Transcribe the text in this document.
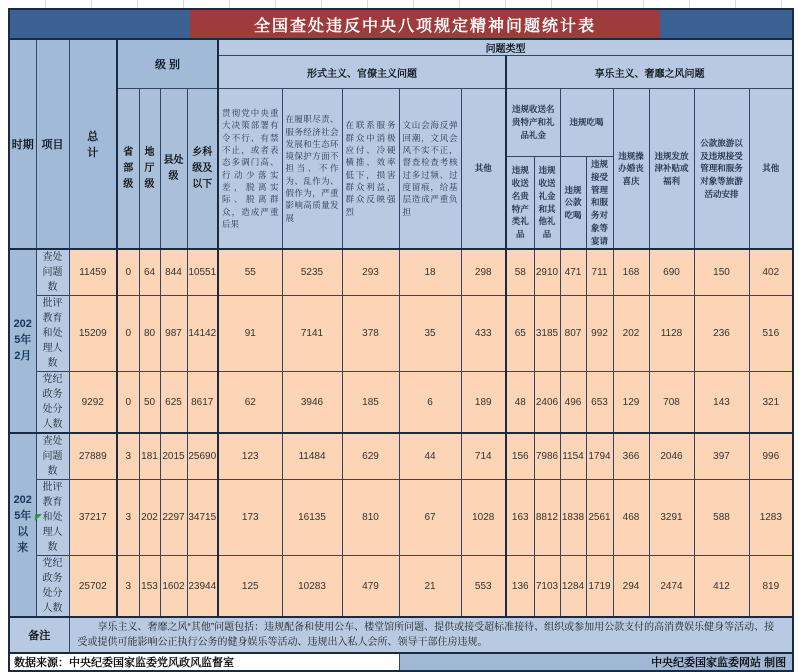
全国查处违反中央八项规定精神问题统计表																			

时期	项目	总计	级 别				问题类型												
							形式主义、官僚主义问题					享乐主义、奢靡之风问题							
			省部级	地厅级	县处级	乡科级及以下	贯彻党中央重大决策部署有令不行、有禁不止，或者表态多调门高、行动少落实差，脱离实际、脱离群众，造成严重后果	在履职尽责、服务经济社会发展和生态环境保护方面不担当、不作为、乱作为、假作为，严重影响高质量发展	在联系服务群众中消极应付、冷硬横推、效率低下，损害群众利益，群众反映强烈	文山会海反弹回潮，文风会风不实不正，督查检查考核过多过频、过度留痕，给基层造成严重负担	其他	违规收送名贵特产和礼品礼金		违规吃喝		违规操办婚丧喜庆	违规发放津补贴或福利	公款旅游以及违规接受管理和服务对象等旅游活动安排	其他
												违规收送名贵特产类礼品	违规收送礼金和其他礼品	违规公款吃喝	违规接受管理和服务对象等宴请				
2025年2月	查处问题数	11459	0	64	844	10551	55	5235	293	18	298	58	2910	471	711	168	690	150	402
	批评教育和处理人数	15209	0	80	987	14142	91	7141	378	35	433	65	3185	807	992	202	1128	236	516
	党纪政务处分人数	9292	0	50	625	8617	62	3946	185	6	189	48	2406	496	653	129	708	143	321
2025年以来	查处问题数	27889	3	181	2015	25690	123	11484	629	44	714	156	7986	1154	1794	366	2046	397	996
	批评教育和处理人数	37217	3	202	2297	34715	173	16135	810	67	1028	163	8812	1838	2561	468	3291	588	1283
	党纪政务处分人数	25702	3	153	1602	23944	125	10283	479	21	553	136	7103	1284	1719	294	2474	412	819
备注		享乐主义、奢靡之风“其他”问题包括：违规配备和使用公车、楼堂馆所问题、提供或接受超标准接待、组织或参加用公款支付的高消费娱乐健身等活动、接受或提供可能影响公正执行公务的健身娱乐等活动、违规出入私人会所、领导干部住房违规。																	
数据来源：中央纪委国家监委党风政风监督室										中央纪委国家监委网站 制图									
